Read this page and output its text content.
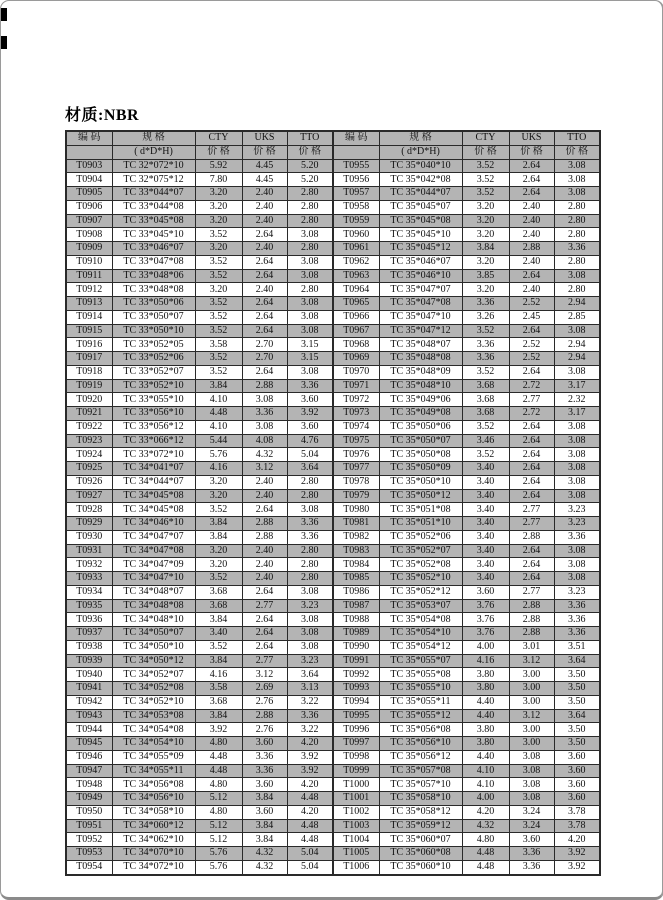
材质:NBR
编 码	规 格	CTY	UKS	TTO	编 码	规 格	CTY	UKS	TTO
	( d*D*H)	价 格	价 格	价 格		( d*D*H)	价 格	价 格	价 格
T0903	TC 32*072*10	5.92	4.45	5.20	T0955	TC 35*040*10	3.52	2.64	3.08
T0904	TC 32*075*12	7.80	4.45	5.20	T0956	TC 35*042*08	3.52	2.64	3.08
T0905	TC 33*044*07	3.20	2.40	2.80	T0957	TC 35*044*07	3.52	2.64	3.08
T0906	TC 33*044*08	3.20	2.40	2.80	T0958	TC 35*045*07	3.20	2.40	2.80
T0907	TC 33*045*08	3.20	2.40	2.80	T0959	TC 35*045*08	3.20	2.40	2.80
T0908	TC 33*045*10	3.52	2.64	3.08	T0960	TC 35*045*10	3.20	2.40	2.80
T0909	TC 33*046*07	3.20	2.40	2.80	T0961	TC 35*045*12	3.84	2.88	3.36
T0910	TC 33*047*08	3.52	2.64	3.08	T0962	TC 35*046*07	3.20	2.40	2.80
T0911	TC 33*048*06	3.52	2.64	3.08	T0963	TC 35*046*10	3.85	2.64	3.08
T0912	TC 33*048*08	3.20	2.40	2.80	T0964	TC 35*047*07	3.20	2.40	2.80
T0913	TC 33*050*06	3.52	2.64	3.08	T0965	TC 35*047*08	3.36	2.52	2.94
T0914	TC 33*050*07	3.52	2.64	3.08	T0966	TC 35*047*10	3.26	2.45	2.85
T0915	TC 33*050*10	3.52	2.64	3.08	T0967	TC 35*047*12	3.52	2.64	3.08
T0916	TC 33*052*05	3.58	2.70	3.15	T0968	TC 35*048*07	3.36	2.52	2.94
T0917	TC 33*052*06	3.52	2.70	3.15	T0969	TC 35*048*08	3.36	2.52	2.94
T0918	TC 33*052*07	3.52	2.64	3.08	T0970	TC 35*048*09	3.52	2.64	3.08
T0919	TC 33*052*10	3.84	2.88	3.36	T0971	TC 35*048*10	3.68	2.72	3.17
T0920	TC 33*055*10	4.10	3.08	3.60	T0972	TC 35*049*06	3.68	2.77	2.32
T0921	TC 33*056*10	4.48	3.36	3.92	T0973	TC 35*049*08	3.68	2.72	3.17
T0922	TC 33*056*12	4.10	3.08	3.60	T0974	TC 35*050*06	3.52	2.64	3.08
T0923	TC 33*066*12	5.44	4.08	4.76	T0975	TC 35*050*07	3.46	2.64	3.08
T0924	TC 33*072*10	5.76	4.32	5.04	T0976	TC 35*050*08	3.52	2.64	3.08
T0925	TC 34*041*07	4.16	3.12	3.64	T0977	TC 35*050*09	3.40	2.64	3.08
T0926	TC 34*044*07	3.20	2.40	2.80	T0978	TC 35*050*10	3.40	2.64	3.08
T0927	TC 34*045*08	3.20	2.40	2.80	T0979	TC 35*050*12	3.40	2.64	3.08
T0928	TC 34*045*08	3.52	2.64	3.08	T0980	TC 35*051*08	3.40	2.77	3.23
T0929	TC 34*046*10	3.84	2.88	3.36	T0981	TC 35*051*10	3.40	2.77	3.23
T0930	TC 34*047*07	3.84	2.88	3.36	T0982	TC 35*052*06	3.40	2.88	3.36
T0931	TC 34*047*08	3.20	2.40	2.80	T0983	TC 35*052*07	3.40	2.64	3.08
T0932	TC 34*047*09	3.20	2.40	2.80	T0984	TC 35*052*08	3.40	2.64	3.08
T0933	TC 34*047*10	3.52	2.40	2.80	T0985	TC 35*052*10	3.40	2.64	3.08
T0934	TC 34*048*07	3.68	2.64	3.08	T0986	TC 35*052*12	3.60	2.77	3.23
T0935	TC 34*048*08	3.68	2.77	3.23	T0987	TC 35*053*07	3.76	2.88	3.36
T0936	TC 34*048*10	3.84	2.64	3.08	T0988	TC 35*054*08	3.76	2.88	3.36
T0937	TC 34*050*07	3.40	2.64	3.08	T0989	TC 35*054*10	3.76	2.88	3.36
T0938	TC 34*050*10	3.52	2.64	3.08	T0990	TC 35*054*12	4.00	3.01	3.51
T0939	TC 34*050*12	3.84	2.77	3.23	T0991	TC 35*055*07	4.16	3.12	3.64
T0940	TC 34*052*07	4.16	3.12	3.64	T0992	TC 35*055*08	3.80	3.00	3.50
T0941	TC 34*052*08	3.58	2.69	3.13	T0993	TC 35*055*10	3.80	3.00	3.50
T0942	TC 34*052*10	3.68	2.76	3.22	T0994	TC 35*055*11	4.40	3.00	3.50
T0943	TC 34*053*08	3.84	2.88	3.36	T0995	TC 35*055*12	4.40	3.12	3.64
T0944	TC 34*054*08	3.92	2.76	3.22	T0996	TC 35*056*08	3.80	3.00	3.50
T0945	TC 34*054*10	4.80	3.60	4.20	T0997	TC 35*056*10	3.80	3.00	3.50
T0946	TC 34*055*09	4.48	3.36	3.92	T0998	TC 35*056*12	4.40	3.08	3.60
T0947	TC 34*055*11	4.48	3.36	3.92	T0999	TC 35*057*08	4.10	3.08	3.60
T0948	TC 34*056*08	4.80	3.60	4.20	T1000	TC 35*057*10	4.10	3.08	3.60
T0949	TC 34*056*10	5.12	3.84	4.48	T1001	TC 35*058*10	4.00	3.08	3.60
T0950	TC 34*058*10	4.80	3.60	4.20	T1002	TC 35*058*12	4.20	3.24	3.78
T0951	TC 34*060*12	5.12	3.84	4.48	T1003	TC 35*059*12	4.32	3.24	3.78
T0952	TC 34*062*10	5.12	3.84	4.48	T1004	TC 35*060*07	4.80	3.60	4.20
T0953	TC 34*070*10	5.76	4.32	5.04	T1005	TC 35*060*08	4.48	3.36	3.92
T0954	TC 34*072*10	5.76	4.32	5.04	T1006	TC 35*060*10	4.48	3.36	3.92
